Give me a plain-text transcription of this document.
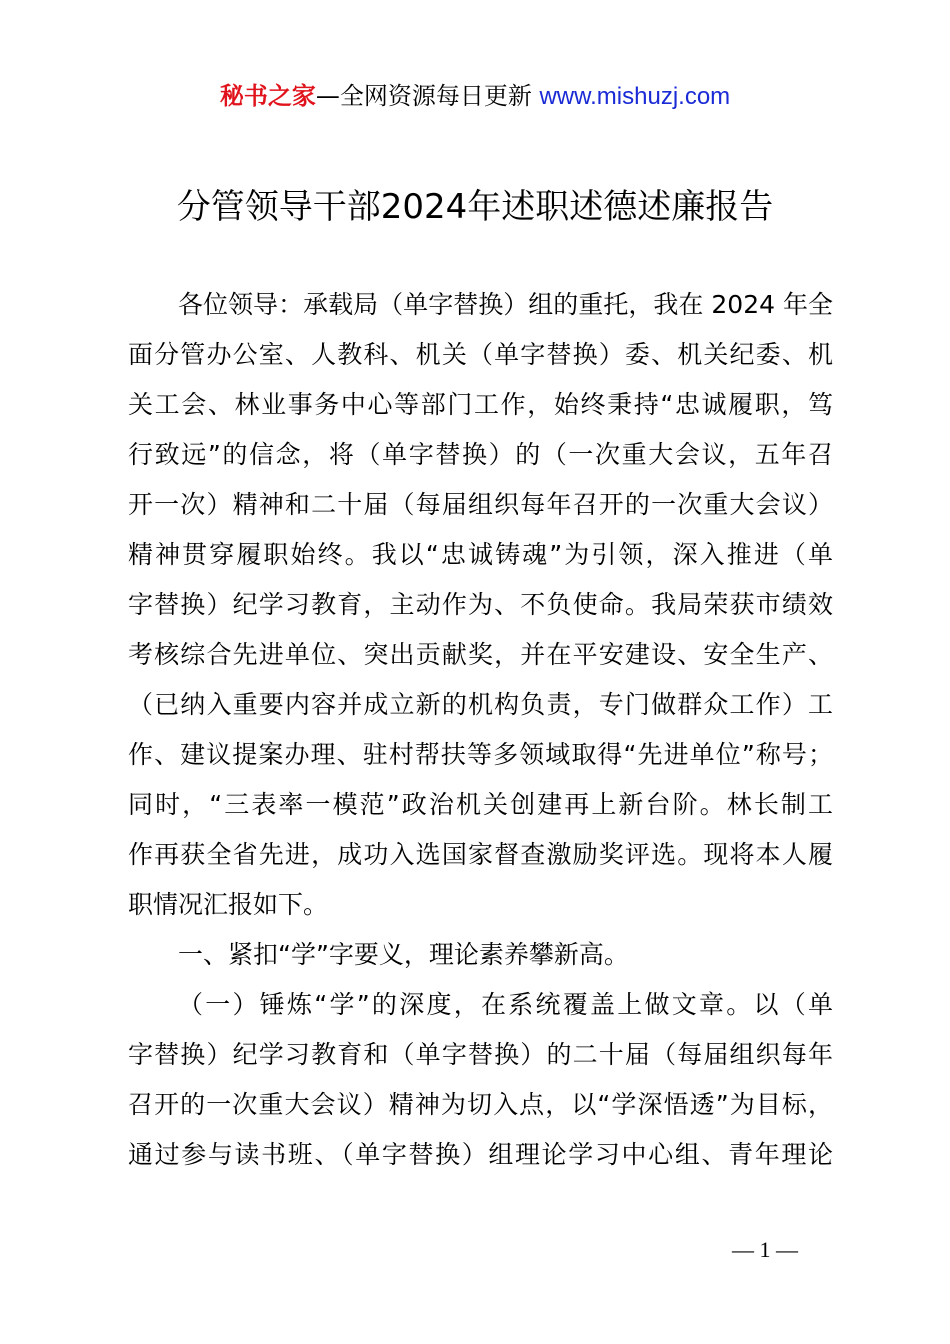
秘书之家—全网资源每日更新 www.mishuzj.com
分管领导干部2024年述职述德述廉报告
各位领导：承载局（单字替换）组的重托，我在 2024 年全
面分管办公室、人教科、机关（单字替换）委、机关纪委、机
关工会、林业事务中心等部门工作，始终秉持“忠诚履职，笃
行致远”的信念，将（单字替换）的（一次重大会议，五年召
开一次）精神和二十届（每届组织每年召开的一次重大会议）
精神贯穿履职始终。我以“忠诚铸魂”为引领，深入推进（单
字替换）纪学习教育，主动作为、不负使命。我局荣获市绩效
考核综合先进单位、突出贡献奖，并在平安建设、安全生产、
（已纳入重要内容并成立新的机构负责，专门做群众工作）工
作、建议提案办理、驻村帮扶等多领域取得“先进单位”称号；
同时，“三表率一模范”政治机关创建再上新台阶。林长制工
作再获全省先进，成功入选国家督查激励奖评选。现将本人履
职情况汇报如下。
一、紧扣“学”字要义，理论素养攀新高。
（一）锤炼“学”的深度，在系统覆盖上做文章。以（单
字替换）纪学习教育和（单字替换）的二十届（每届组织每年
召开的一次重大会议）精神为切入点，以“学深悟透”为目标，
通过参与读书班、（单字替换）组理论学习中心组、青年理论
— 1 —
